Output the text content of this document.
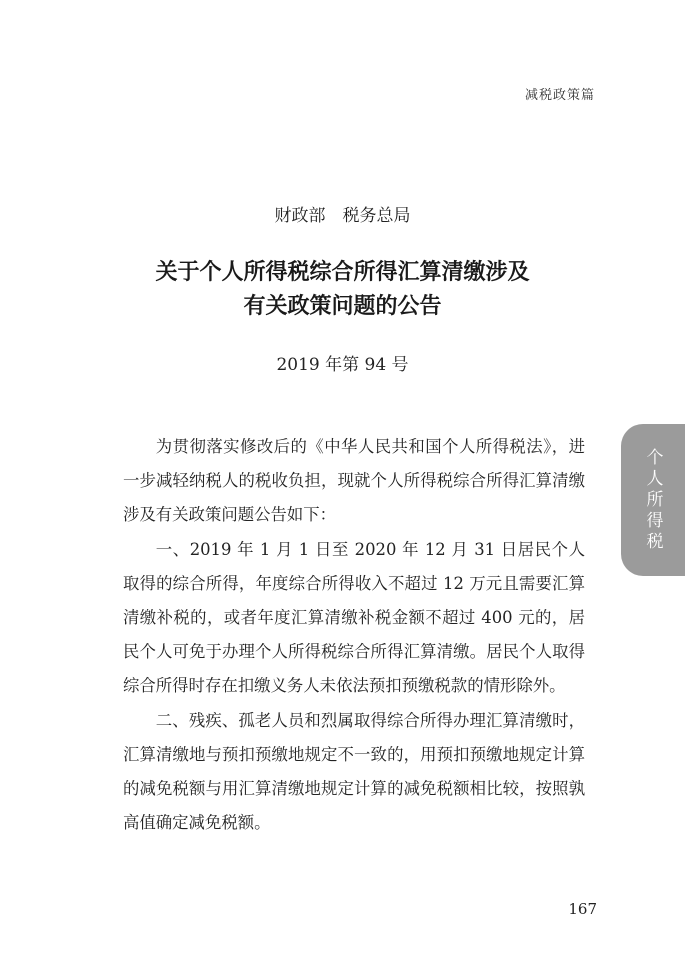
减税政策篇
财政部　税务总局
关于个人所得税综合所得汇算清缴涉及
有关政策问题的公告
2019 年第 94 号

为贯彻落实修改后的《中华人民共和国个人所得税法》，进一步减轻纳税人的税收负担，现就个人所得税综合所得汇算清缴涉及有关政策问题公告如下：

一、2019 年 1 月 1 日至 2020 年 12 月 31 日居民个人取得的综合所得，年度综合所得收入不超过 12 万元且需要汇算清缴补税的，或者年度汇算清缴补税金额不超过 400 元的，居民个人可免于办理个人所得税综合所得汇算清缴。居民个人取得综合所得时存在扣缴义务人未依法预扣预缴税款的情形除外。

二、残疾、孤老人员和烈属取得综合所得办理汇算清缴时，汇算清缴地与预扣预缴地规定不一致的，用预扣预缴地规定计算的减免税额与用汇算清缴地规定计算的减免税额相比较，按照孰高值确定减免税额。

个人所得税
167
